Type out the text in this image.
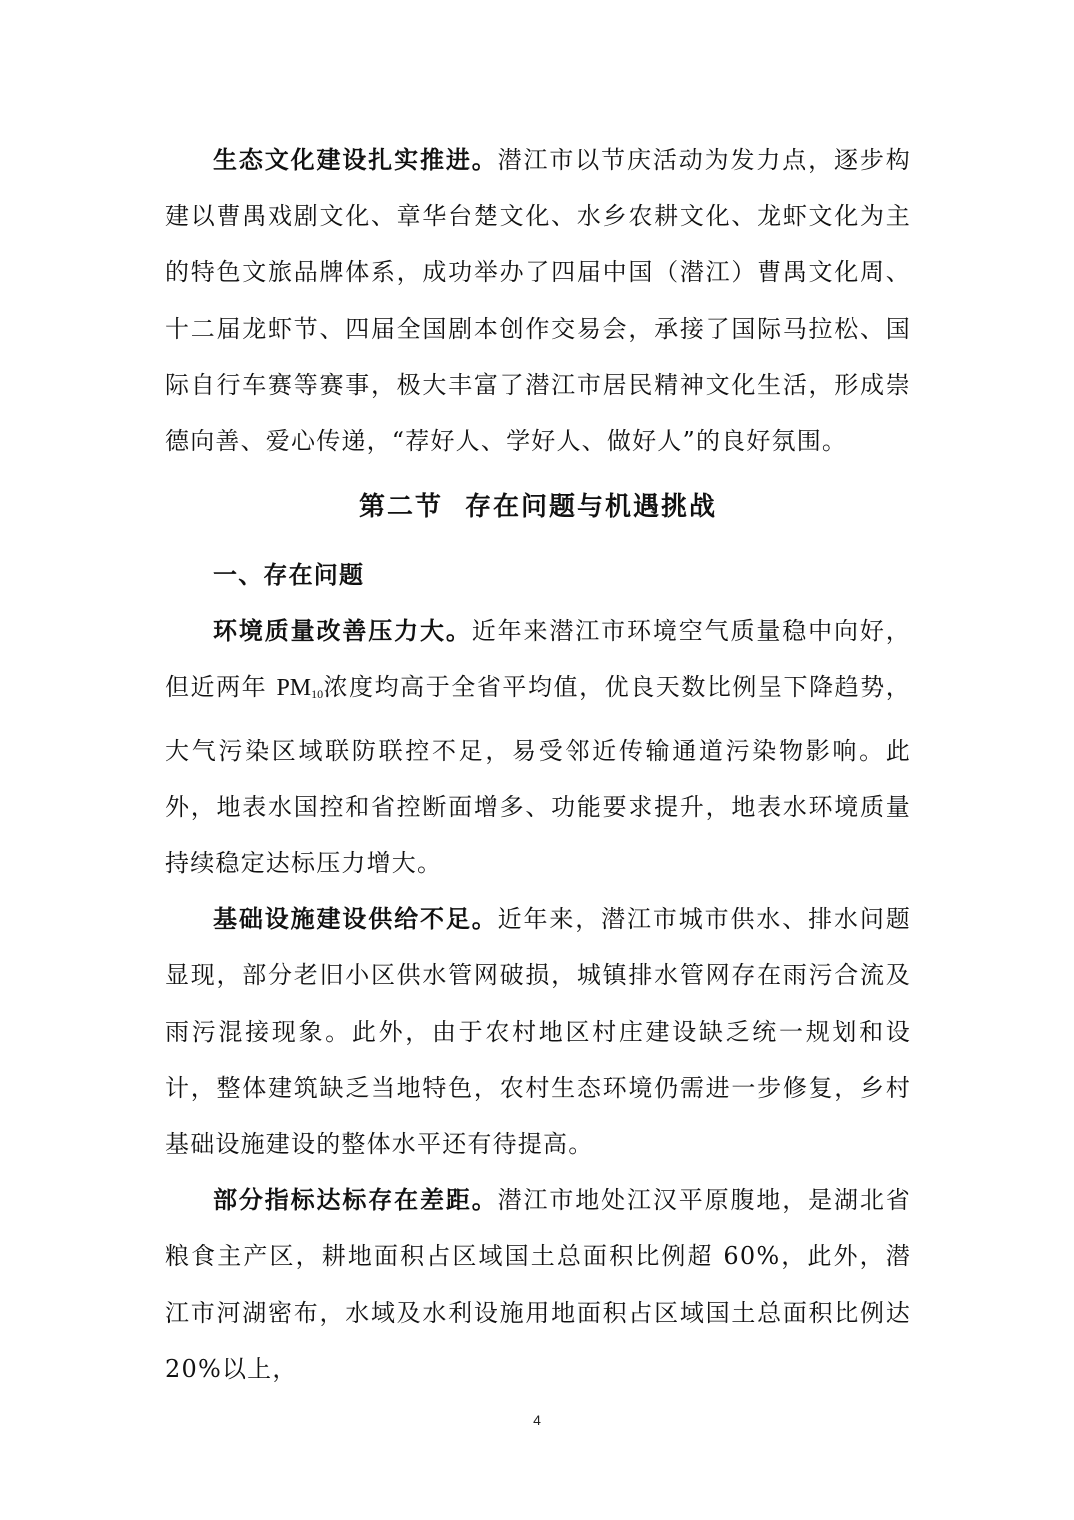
生态文化建设扎实推进。潜江市以节庆活动为发力点，逐步构建以曹禺戏剧文化、章华台楚文化、水乡农耕文化、龙虾文化为主的特色文旅品牌体系，成功举办了四届中国（潜江）曹禺文化周、十二届龙虾节、四届全国剧本创作交易会，承接了国际马拉松、国际自行车赛等赛事，极大丰富了潜江市居民精神文化生活，形成崇德向善、爱心传递，“荐好人、学好人、做好人”的良好氛围。

第二节 存在问题与机遇挑战
一、存在问题

环境质量改善压力大。近年来潜江市环境空气质量稳中向好，但近两年 $PM_{10}$浓度均高于全省平均值，优良天数比例呈下降趋势，大气污染区域联防联控不足，易受邻近传输通道污染物影响。此外，地表水国控和省控断面增多、功能要求提升，地表水环境质量持续稳定达标压力增大。

基础设施建设供给不足。近年来，潜江市城市供水、排水问题显现，部分老旧小区供水管网破损，城镇排水管网存在雨污合流及雨污混接现象。此外，由于农村地区村庄建设缺乏统一规划和设计，整体建筑缺乏当地特色，农村生态环境仍需进一步修复，乡村基础设施建设的整体水平还有待提高。

部分指标达标存在差距。潜江市地处江汉平原腹地，是湖北省粮食主产区，耕地面积占区域国土总面积比例超 60%，此外，潜江市河湖密布，水域及水利设施用地面积占区域国土总面积比例达 20%以上，

4
